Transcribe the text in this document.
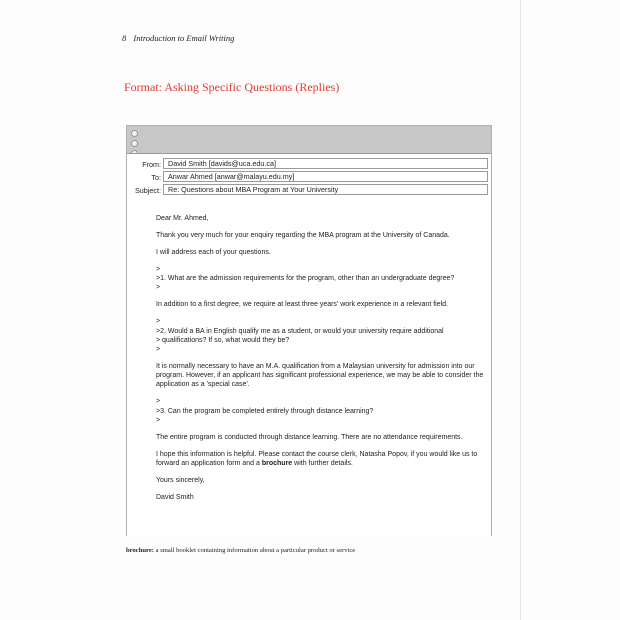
8 Introduction to Email Writing
Format: Asking Specific Questions (Replies)
From: David Smith [davids@uca.edu.ca]
To: Anwar Ahmed [anwar@malayu.edu.my]
Subject: Re: Questions about MBA Program at Your University

Dear Mr. Ahmed,

Thank you very much for your enquiry regarding the MBA program at the University of Canada.

I will address each of your questions.

>
>1. What are the admission requirements for the program, other than an undergraduate degree?
>

In addition to a first degree, we require at least three years' work experience in a relevant field.

>
>2. Would a BA in English qualify me as a student, or would your university require additional
> qualifications? If so, what would they be?
>

It is normally necessary to have an M.A. qualification from a Malaysian university for admission into our program. However, if an applicant has significant professional experience, we may be able to consider the application as a 'special case'.

>
>3. Can the program be completed entirely through distance learning?
>

The entire program is conducted through distance learning. There are no attendance requirements.

I hope this information is helpful. Please contact the course clerk, Natasha Popov, if you would like us to forward an application form and a brochure with further details.

Yours sincerely,

David Smith

brochure: a small booklet containing information about a particular product or service
